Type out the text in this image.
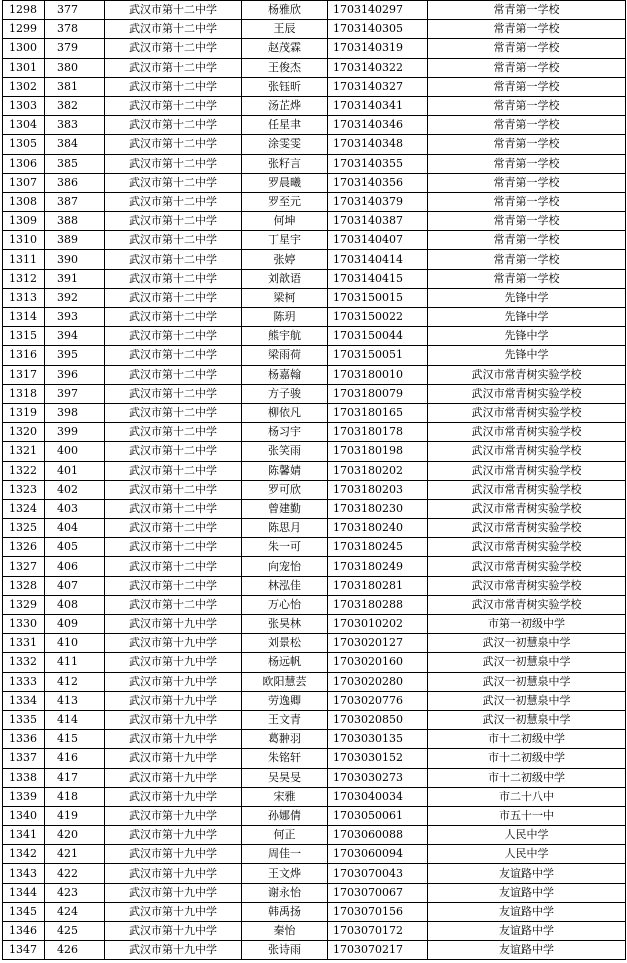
1298	377	武汉市第十二中学	杨雅欣	1703140297	常青第一学校
1299	378	武汉市第十二中学	王辰	1703140305	常青第一学校
1300	379	武汉市第十二中学	赵茂霖	1703140319	常青第一学校
1301	380	武汉市第十二中学	王俊杰	1703140322	常青第一学校
1302	381	武汉市第十二中学	张钰昕	1703140327	常青第一学校
1303	382	武汉市第十二中学	汤芷烨	1703140341	常青第一学校
1304	383	武汉市第十二中学	任星聿	1703140346	常青第一学校
1305	384	武汉市第十二中学	涂雯雯	1703140348	常青第一学校
1306	385	武汉市第十二中学	张籽言	1703140355	常青第一学校
1307	386	武汉市第十二中学	罗晨曦	1703140356	常青第一学校
1308	387	武汉市第十二中学	罗至元	1703140379	常青第一学校
1309	388	武汉市第十二中学	何坤	1703140387	常青第一学校
1310	389	武汉市第十二中学	丁星宇	1703140407	常青第一学校
1311	390	武汉市第十二中学	张婷	1703140414	常青第一学校
1312	391	武汉市第十二中学	刘歆语	1703140415	常青第一学校
1313	392	武汉市第十二中学	梁柯	1703150015	先锋中学
1314	393	武汉市第十二中学	陈玥	1703150022	先锋中学
1315	394	武汉市第十二中学	熊宇航	1703150044	先锋中学
1316	395	武汉市第十二中学	梁雨荷	1703150051	先锋中学
1317	396	武汉市第十二中学	杨嘉翰	1703180010	武汉市常青树实验学校
1318	397	武汉市第十二中学	方子骏	1703180079	武汉市常青树实验学校
1319	398	武汉市第十二中学	柳依凡	1703180165	武汉市常青树实验学校
1320	399	武汉市第十二中学	杨习宇	1703180178	武汉市常青树实验学校
1321	400	武汉市第十二中学	张笑雨	1703180198	武汉市常青树实验学校
1322	401	武汉市第十二中学	陈馨婧	1703180202	武汉市常青树实验学校
1323	402	武汉市第十二中学	罗可欣	1703180203	武汉市常青树实验学校
1324	403	武汉市第十二中学	曾建勤	1703180230	武汉市常青树实验学校
1325	404	武汉市第十二中学	陈思月	1703180240	武汉市常青树实验学校
1326	405	武汉市第十二中学	朱一可	1703180245	武汉市常青树实验学校
1327	406	武汉市第十二中学	向宠怡	1703180249	武汉市常青树实验学校
1328	407	武汉市第十二中学	林泓佳	1703180281	武汉市常青树实验学校
1329	408	武汉市第十二中学	万心怡	1703180288	武汉市常青树实验学校
1330	409	武汉市第十九中学	张昊林	1703010202	市第一初级中学
1331	410	武汉市第十九中学	刘景松	1703020127	武汉一初慧泉中学
1332	411	武汉市第十九中学	杨远帆	1703020160	武汉一初慧泉中学
1333	412	武汉市第十九中学	欧阳慧芸	1703020280	武汉一初慧泉中学
1334	413	武汉市第十九中学	劳逸卿	1703020776	武汉一初慧泉中学
1335	414	武汉市第十九中学	王文青	1703020850	武汉一初慧泉中学
1336	415	武汉市第十九中学	葛翀羽	1703030135	市十二初级中学
1337	416	武汉市第十九中学	朱铭轩	1703030152	市十二初级中学
1338	417	武汉市第十九中学	吴昊旻	1703030273	市十二初级中学
1339	418	武汉市第十九中学	宋雅	1703040034	市二十八中
1340	419	武汉市第十九中学	孙娜倩	1703050061	市五十一中
1341	420	武汉市第十九中学	何正	1703060088	人民中学
1342	421	武汉市第十九中学	周佳一	1703060094	人民中学
1343	422	武汉市第十九中学	王文烨	1703070043	友谊路中学
1344	423	武汉市第十九中学	谢永怡	1703070067	友谊路中学
1345	424	武汉市第十九中学	韩禹扬	1703070156	友谊路中学
1346	425	武汉市第十九中学	秦怡	1703070172	友谊路中学
1347	426	武汉市第十九中学	张诗雨	1703070217	友谊路中学
